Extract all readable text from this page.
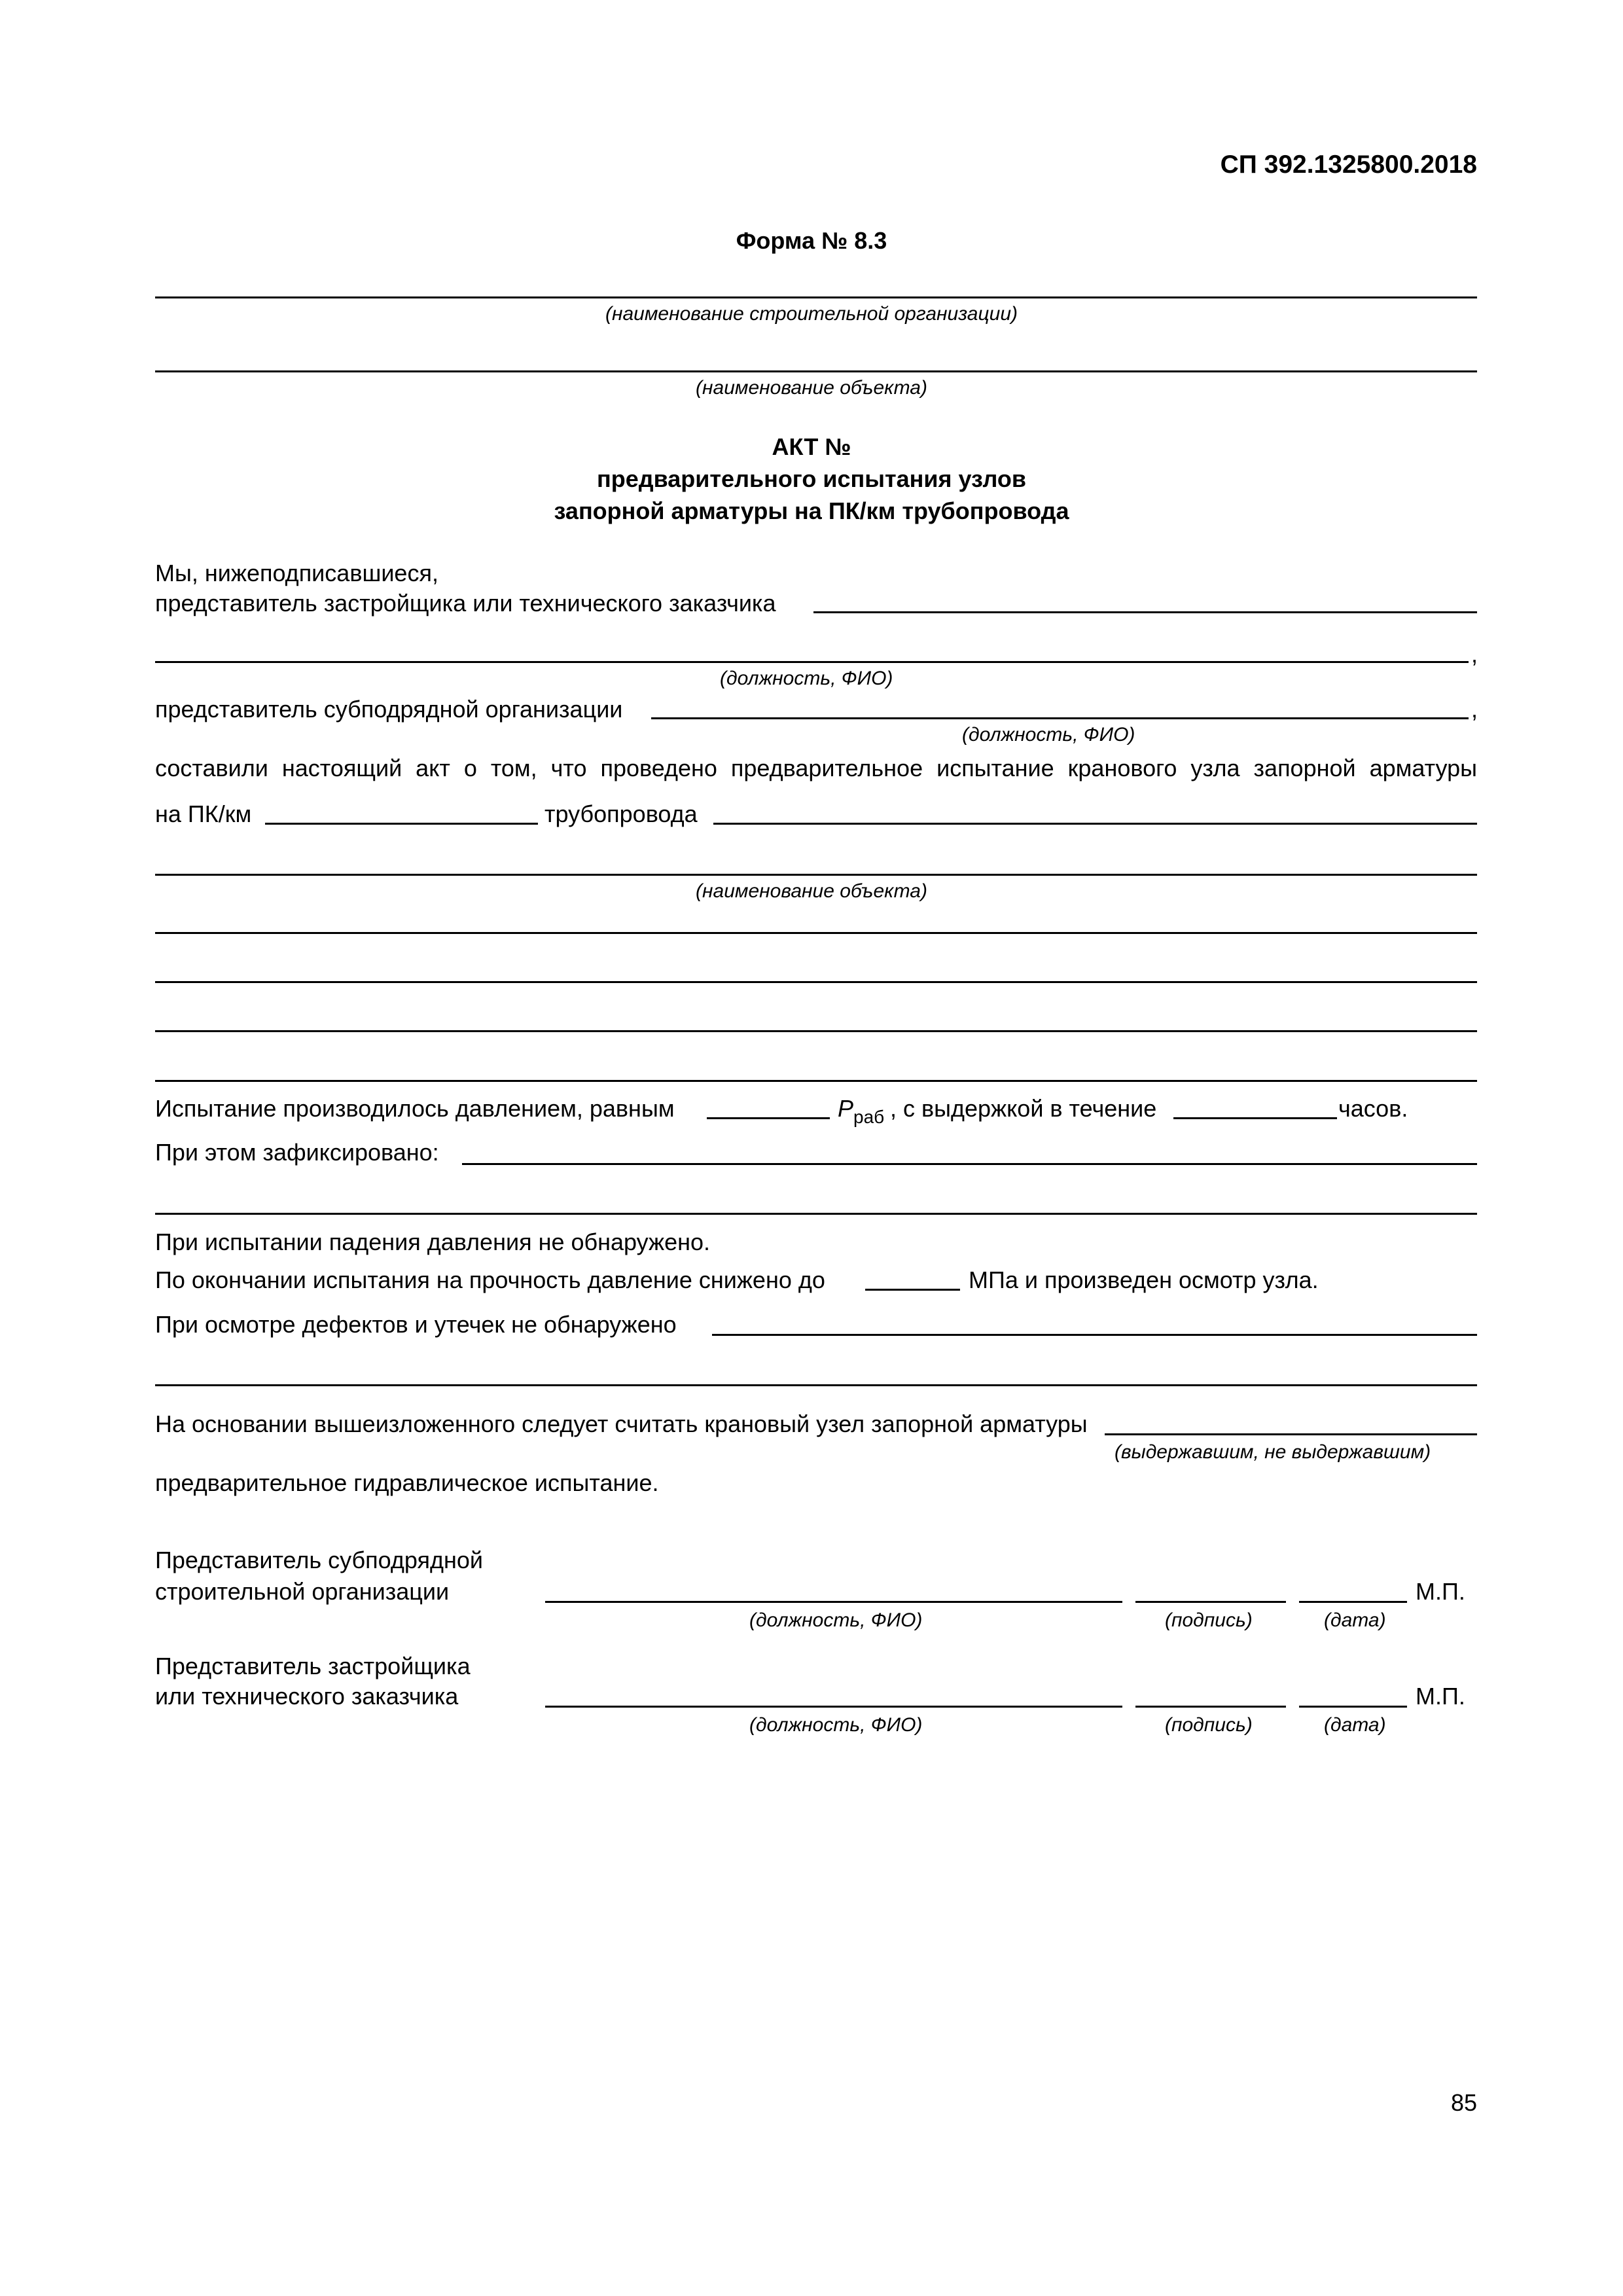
СП 392.1325800.2018
Форма № 8.3
(наименование строительной организации)
(наименование объекта)
АКТ №
предварительного испытания узлов
запорной арматуры на ПК/км трубопровода
Мы, нижеподписавшиеся,
представитель застройщика или технического заказчика
,
(должность, ФИО)
представитель субподрядной организации	,
(должность, ФИО)
составили настоящий акт о том, что проведено предварительное испытание кранового узла запорной арматуры
на ПК/км	трубопровода
(наименование объекта)
Испытание производилось давлением, равным	$P_{раб}$ , с выдержкой в течение	часов.
При этом зафиксировано:
При испытании падения давления не обнаружено.
По окончании испытания на прочность давление снижено до	МПа и произведен осмотр узла.
При осмотре дефектов и утечек не обнаружено
На основании вышеизложенного следует считать крановый узел запорной арматуры
(выдержавшим, не выдержавшим)
предварительное гидравлическое испытание.
Представитель субподрядной
строительной организации	М.П.
(должность, ФИО)	(подпись)	(дата)
Представитель застройщика
или технического заказчика	М.П.
(должность, ФИО)	(подпись)	(дата)
85
